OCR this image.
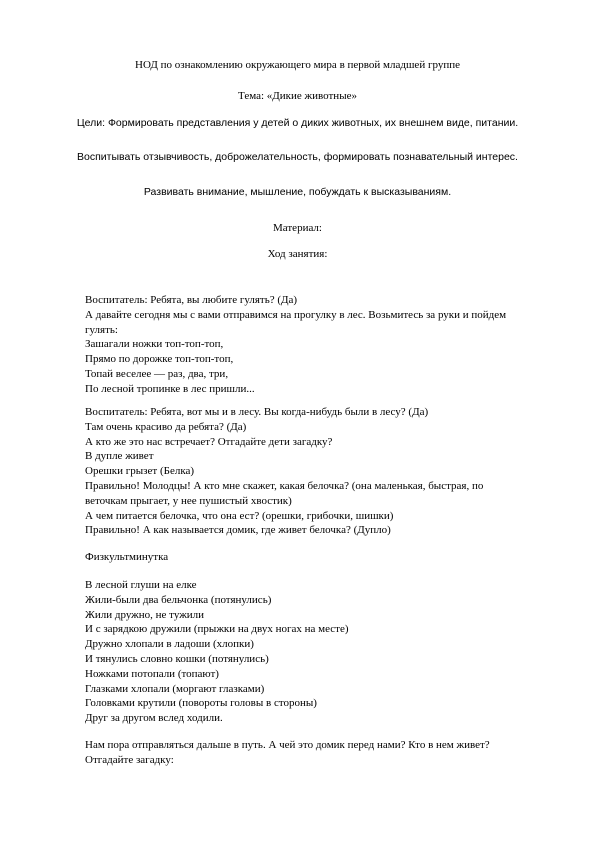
НОД по ознакомлению окружающего мира в первой младшей группе
Тема: «Дикие животные»
Цели: Формировать представления у детей о диких животных, их внешнем виде, питании.
Воспитывать отзывчивость, доброжелательность, формировать познавательный интерес.
Развивать внимание, мышление, побуждать к высказываниям.
Материал:
Ход занятия:

Воспитатель: Ребята, вы любите гулять? (Да)

А давайте сегодня мы с вами отправимся на прогулку в лес. Возьмитесь за руки и пойдем гулять:

Зашагали ножки топ-топ-топ,

Прямо по дорожке топ-топ-топ,

Топай веселее — раз, два, три,

По лесной тропинке в лес пришли...

Воспитатель: Ребята, вот мы и в лесу. Вы когда-нибудь были в лесу? (Да)

Там очень красиво да ребята? (Да)

А кто же это нас встречает? Отгадайте дети загадку?

В дупле живет

Орешки грызет (Белка)

Правильно! Молодцы! А кто мне скажет, какая белочка? (она маленькая, быстрая, по веточкам прыгает, у нее пушистый хвостик)

А чем питается белочка, что она ест? (орешки, грибочки, шишки)

Правильно! А как называется домик, где живет белочка? (Дупло)

Физкультминутка

В лесной глуши на елке

Жили-были два бельчонка (потянулись)

Жили дружно, не тужили

И с зарядкою дружили (прыжки на двух ногах на месте)

Дружно хлопали в ладоши (хлопки)

И тянулись словно кошки (потянулись)

Ножками потопали (топают)

Глазками хлопали (моргают глазками)

Головками крутили (повороты головы в стороны)

Друг за другом вслед ходили.

Нам пора отправляться дальше в путь. А чей это домик перед нами? Кто в нем живет? Отгадайте загадку:
